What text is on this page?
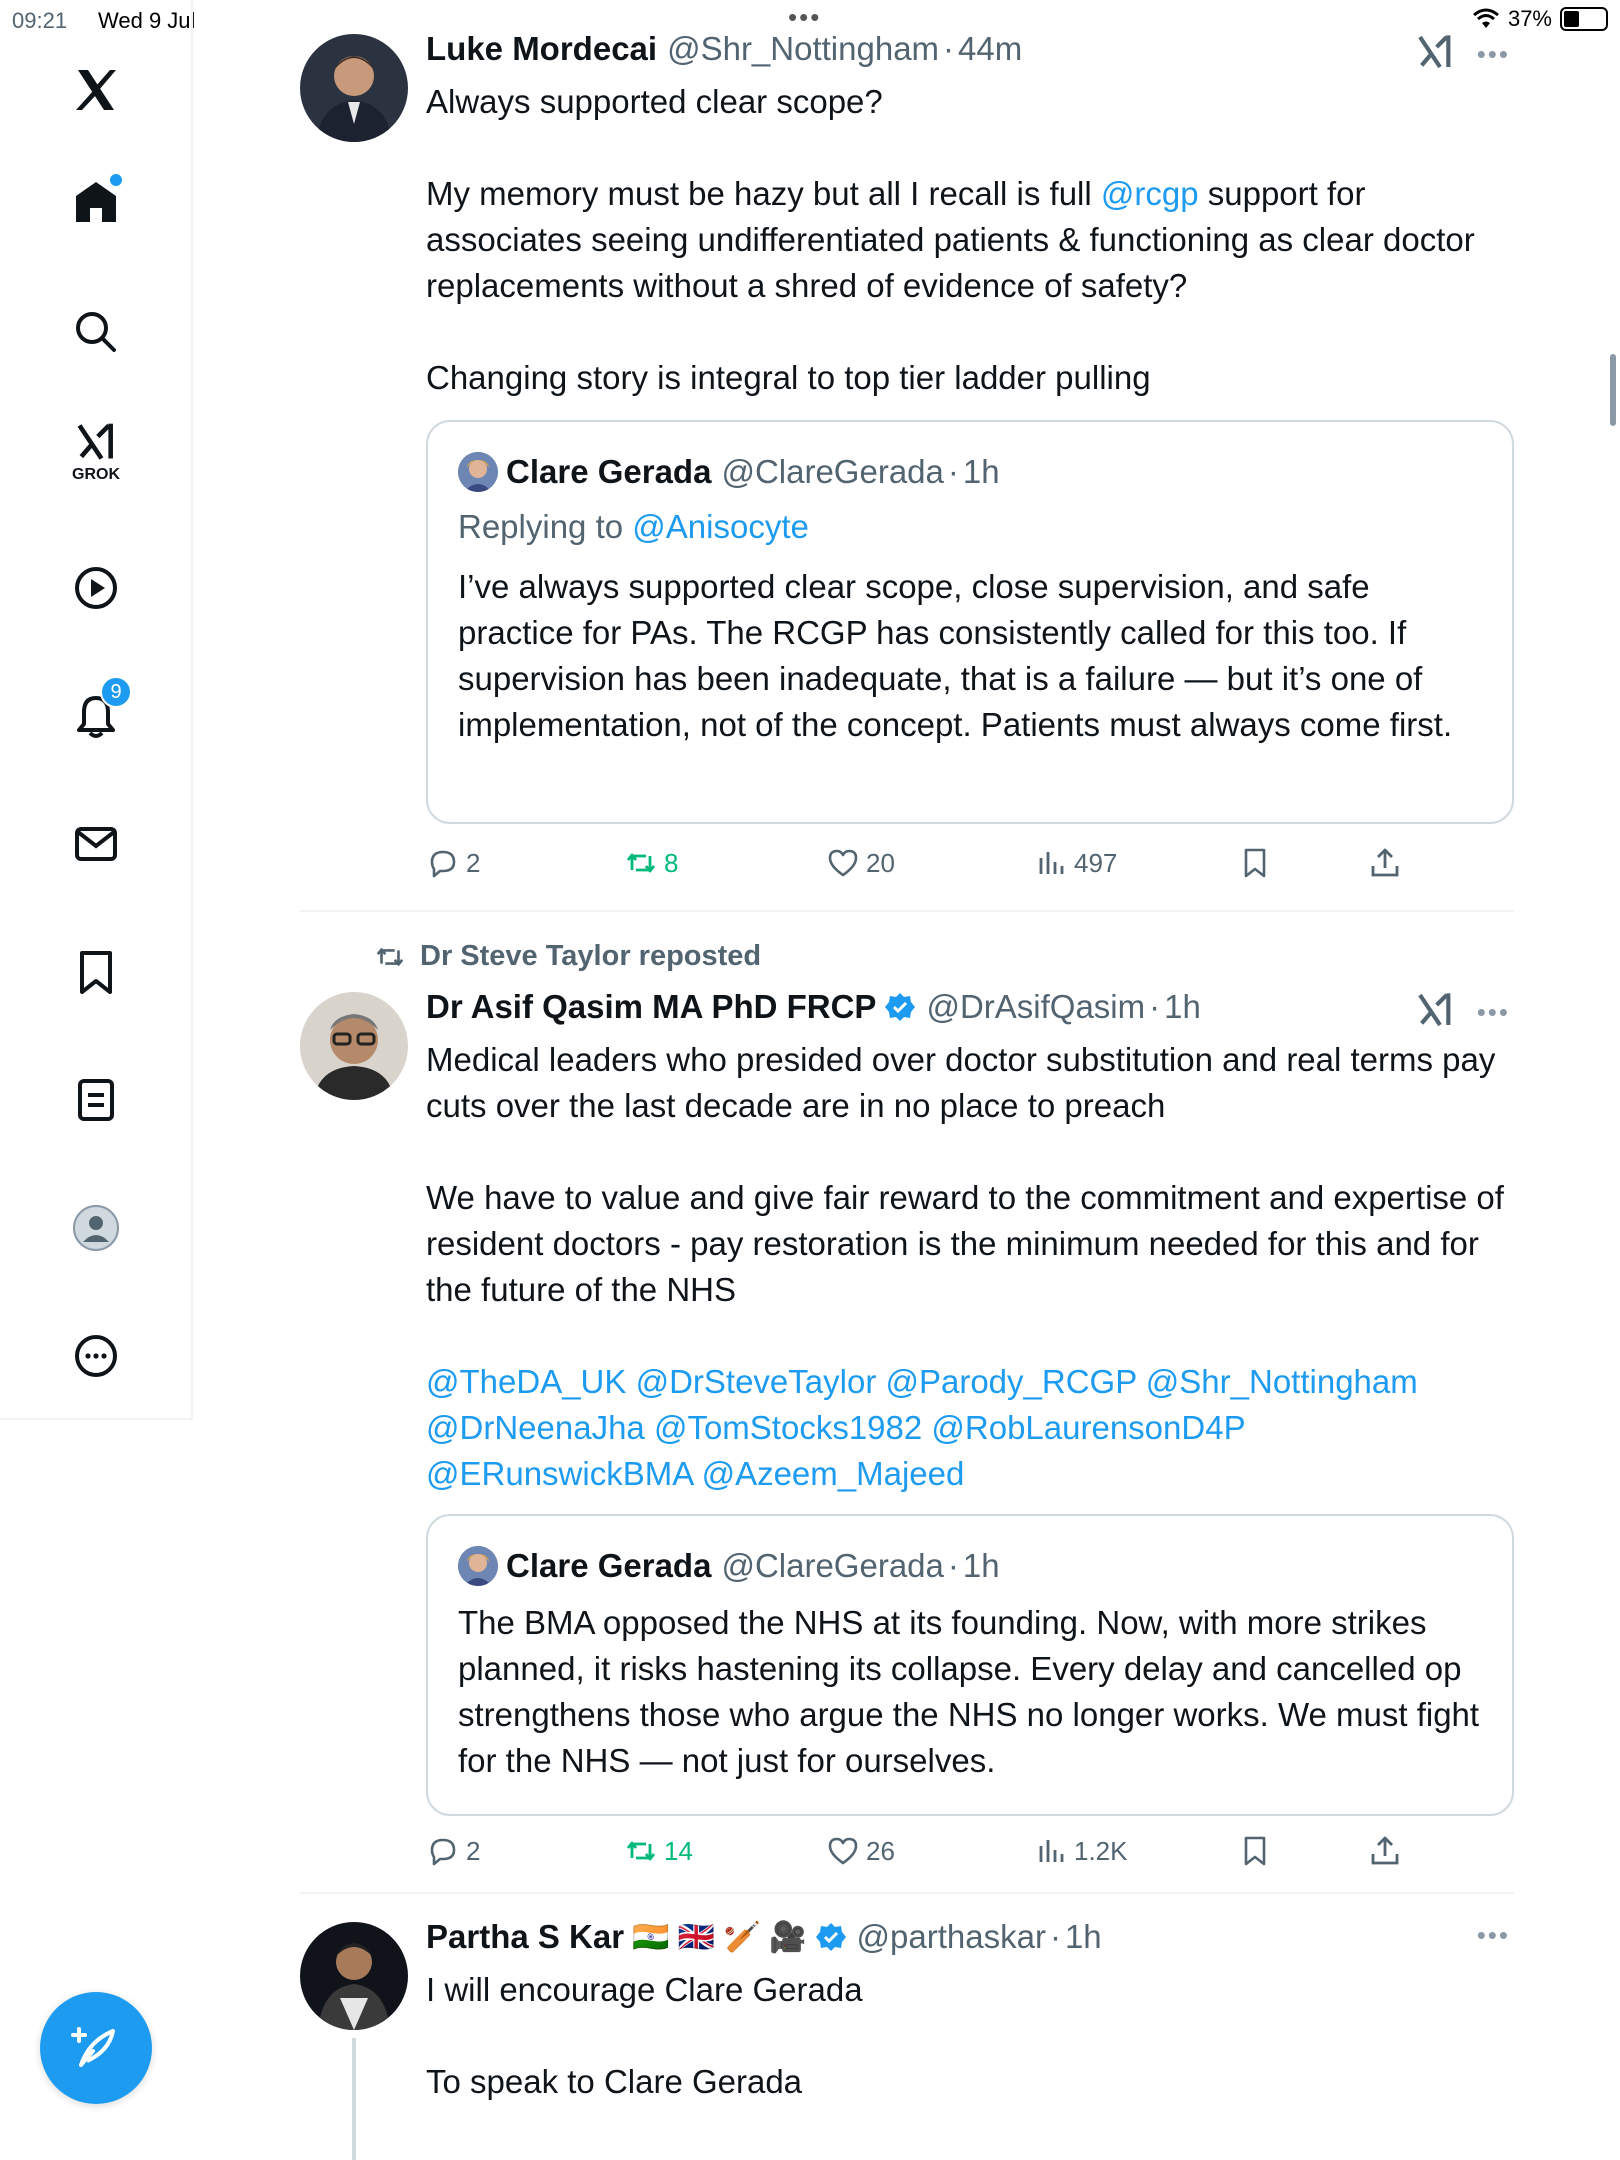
09:21 Wed 9 Jul	•••	37%
GROK
9
Luke Mordecai @Shr_Nottingham · 44m	•••

Always supported clear scope?

My memory must be hazy but all I recall is full @rcgp support for associates seeing undifferentiated patients & functioning as clear doctor replacements without a shred of evidence of safety?

Changing story is integral to top tier ladder pulling

Clare Gerada @ClareGerada · 1h
Replying to @Anisocyte
I’ve always supported clear scope, close supervision, and safe practice for PAs. The RCGP has consistently called for this too. If supervision has been inadequate, that is a failure — but it’s one of implementation, not of the concept. Patients must always come first.
2	8	20	497
Dr Steve Taylor reposted
Dr Asif Qasim MA PhD FRCP @DrAsifQasim · 1h	•••

Medical leaders who presided over doctor substitution and real terms pay cuts over the last decade are in no place to preach

We have to value and give fair reward to the commitment and expertise of resident doctors - pay restoration is the minimum needed for this and for the future of the NHS

@TheDA_UK @DrSteveTaylor @Parody_RCGP @Shr_Nottingham

@DrNeenaJha @TomStocks1982 @RobLaurensonD4P

@ERunswickBMA @Azeem_Majeed

Clare Gerada @ClareGerada · 1h
The BMA opposed the NHS at its founding. Now, with more strikes planned, it risks hastening its collapse. Every delay and cancelled op strengthens those who argue the NHS no longer works. We must fight for the NHS — not just for ourselves.
2	14	26	1.2K
Partha S Kar 🇮🇳 🇬🇧 🏏 🎥 @parthaskar · 1h	•••

I will encourage Clare Gerada

To speak to Clare Gerada
